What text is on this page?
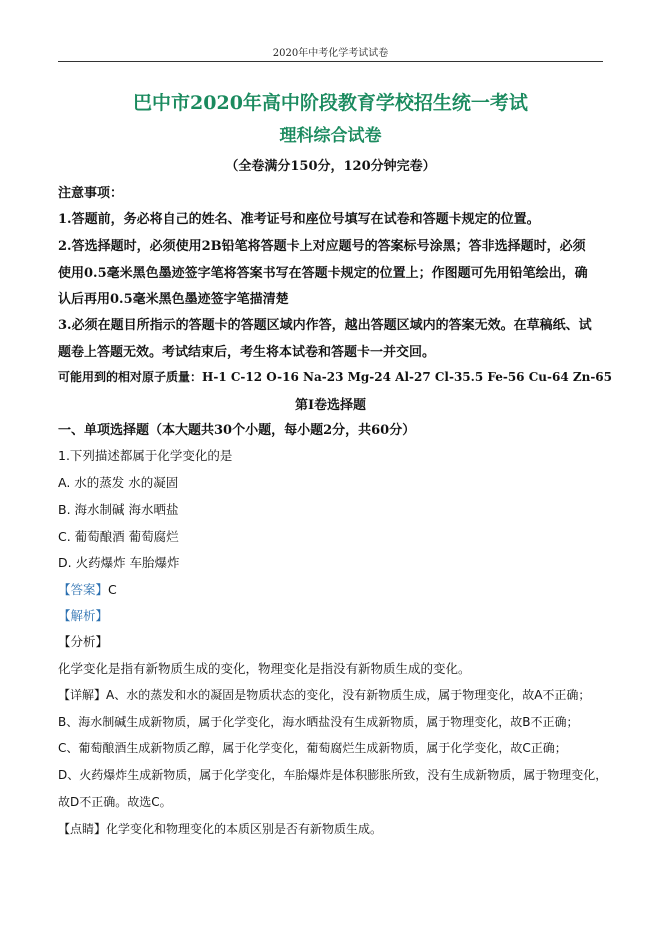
2020年中考化学考试试卷
巴中市2020年高中阶段教育学校招生统一考试
理科综合试卷
（全卷满分150分，120分钟完卷）
注意事项：
1.答题前，务必将自己的姓名、准考证号和座位号填写在试卷和答题卡规定的位置。
2.答选择题时，必须使用2B铅笔将答题卡上对应题号的答案标号涂黑；答非选择题时，必须
使用0.5毫米黑色墨迹签字笔将答案书写在答题卡规定的位置上；作图题可先用铅笔绘出，确
认后再用0.5毫米黑色墨迹签字笔描清楚
3.必须在题目所指示的答题卡的答题区域内作答，越出答题区域内的答案无效。在草稿纸、试
题卷上答题无效。考试结束后，考生将本试卷和答题卡一并交回。
可能用到的相对原子质量：H-1 C-12 O-16 Na-23 Mg-24 Al-27 Cl-35.5 Fe-56 Cu-64 Zn-65
第Ⅰ卷选择题
一、单项选择题（本大题共30个小题，每小题2分，共60分）
1.下列描述都属于化学变化的是
A. 水的蒸发 水的凝固
B. 海水制碱 海水晒盐
C. 葡萄酿酒 葡萄腐烂
D. 火药爆炸 车胎爆炸
【答案】C
【解析】
【分析】
化学变化是指有新物质生成的变化，物理变化是指没有新物质生成的变化。
【详解】A、水的蒸发和水的凝固是物质状态的变化，没有新物质生成，属于物理变化，故A不正确；
B、海水制碱生成新物质，属于化学变化，海水晒盐没有生成新物质，属于物理变化，故B不正确；
C、葡萄酿酒生成新物质乙醇，属于化学变化，葡萄腐烂生成新物质，属于化学变化，故C正确；
D、火药爆炸生成新物质，属于化学变化，车胎爆炸是体积膨胀所致，没有生成新物质，属于物理变化，
故D不正确。故选C。
【点睛】化学变化和物理变化的本质区别是否有新物质生成。
